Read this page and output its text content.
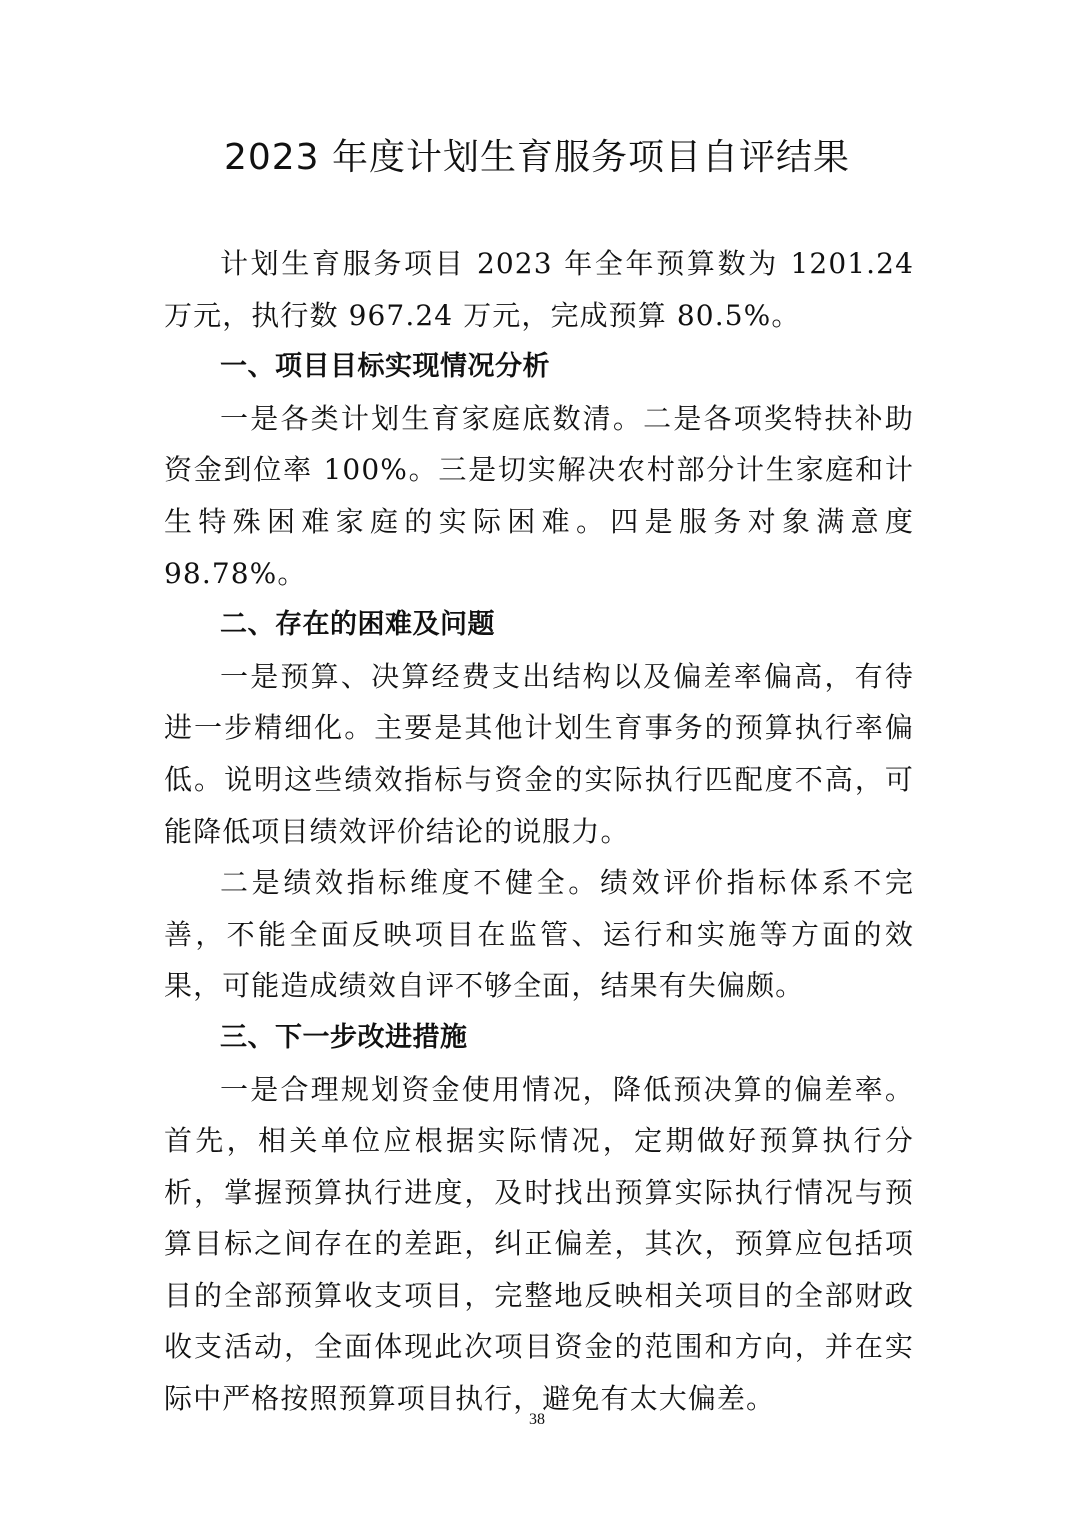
2023 年度计划生育服务项目自评结果

计划生育服务项目 2023 年全年预算数为 1201.24 万元，执行数 967.24 万元，完成预算 80.5%。

一、项目目标实现情况分析

一是各类计划生育家庭底数清。二是各项奖特扶补助资金到位率 100%。三是切实解决农村部分计生家庭和计生特殊困难家庭的实际困难。四是服务对象满意度 98.78%。

二、存在的困难及问题

一是预算、决算经费支出结构以及偏差率偏高，有待进一步精细化。主要是其他计划生育事务的预算执行率偏低。说明这些绩效指标与资金的实际执行匹配度不高，可能降低项目绩效评价结论的说服力。

二是绩效指标维度不健全。绩效评价指标体系不完善，不能全面反映项目在监管、运行和实施等方面的效果，可能造成绩效自评不够全面，结果有失偏颇。

三、下一步改进措施

一是合理规划资金使用情况，降低预决算的偏差率。首先，相关单位应根据实际情况，定期做好预算执行分析，掌握预算执行进度，及时找出预算实际执行情况与预算目标之间存在的差距，纠正偏差，其次，预算应包括项目的全部预算收支项目，完整地反映相关项目的全部财政收支活动，全面体现此次项目资金的范围和方向，并在实际中严格按照预算项目执行，避免有太大偏差。

38
